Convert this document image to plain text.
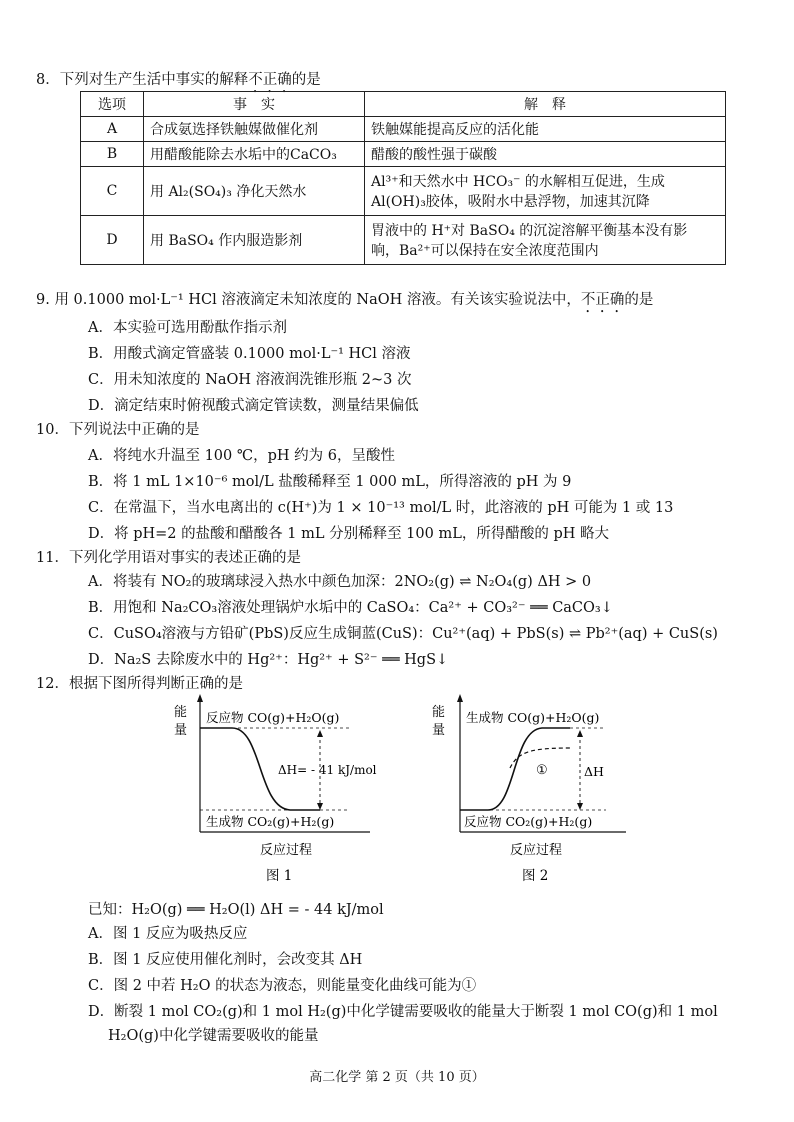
8．下列对生产生活中事实的解释不正确的是
选项	事　实	解　释
A	合成氨选择铁触媒做催化剂	铁触媒能提高反应的活化能
B	用醋酸能除去水垢中的CaCO₃	醋酸的酸性强于碳酸
C	用 Al₂(SO₄)₃ 净化天然水	Al³⁺和天然水中 HCO₃⁻ 的水解相互促进，生成
Al(OH)₃胶体，吸附水中悬浮物，加速其沉降

D	用 BaSO₄ 作内服造影剂	胃液中的 H⁺对 BaSO₄ 的沉淀溶解平衡基本没有影
响，Ba²⁺可以保持在安全浓度范围内
9. 用 0.1000 mol·L⁻¹ HCl 溶液滴定未知浓度的 NaOH 溶液。有关该实验说法中，不正确的是
A．本实验可选用酚酞作指示剂
B．用酸式滴定管盛装 0.1000 mol·L⁻¹ HCl 溶液
C．用未知浓度的 NaOH 溶液润洗锥形瓶 2~3 次
D．滴定结束时俯视酸式滴定管读数，测量结果偏低
10．下列说法中正确的是
A．将纯水升温至 100 ℃，pH 约为 6，呈酸性
B．将 1 mL 1×10⁻⁶ mol/L 盐酸稀释至 1 000 mL，所得溶液的 pH 为 9
C．在常温下，当水电离出的 c(H⁺)为 1 × 10⁻¹³ mol/L 时，此溶液的 pH 可能为 1 或 13
D．将 pH=2 的盐酸和醋酸各 1 mL 分别稀释至 100 mL，所得醋酸的 pH 略大
11．下列化学用语对事实的表述正确的是
A．将装有 NO₂的玻璃球浸入热水中颜色加深：2NO₂(g) ⇌ N₂O₄(g) ΔH > 0
B．用饱和 Na₂CO₃溶液处理锅炉水垢中的 CaSO₄：Ca²⁺ + CO₃²⁻ ══ CaCO₃↓
C．CuSO₄溶液与方铅矿(PbS)反应生成铜蓝(CuS)：Cu²⁺(aq) + PbS(s) ⇌ Pb²⁺(aq) + CuS(s)
D．Na₂S 去除废水中的 Hg²⁺：Hg²⁺ + S²⁻ ══ HgS↓
12．根据下图所得判断正确的是
能
量
反应物 CO(g)+H₂O(g)
生成物 CO₂(g)+H₂(g)
ΔH= - 41 kJ/mol
反应过程
图 1
能
量
生成物 CO(g)+H₂O(g)
反应物 CO₂(g)+H₂(g)
ΔH
①
反应过程
图 2
已知：H₂O(g) ══ H₂O(l) ΔH = - 44 kJ/mol
A．图 1 反应为吸热反应
B．图 1 反应使用催化剂时，会改变其 ΔH
C．图 2 中若 H₂O 的状态为液态，则能量变化曲线可能为①
D．断裂 1 mol CO₂(g)和 1 mol H₂(g)中化学键需要吸收的能量大于断裂 1 mol CO(g)和 1 mol
H₂O(g)中化学键需要吸收的能量
高二化学 第 2 页（共 10 页）
